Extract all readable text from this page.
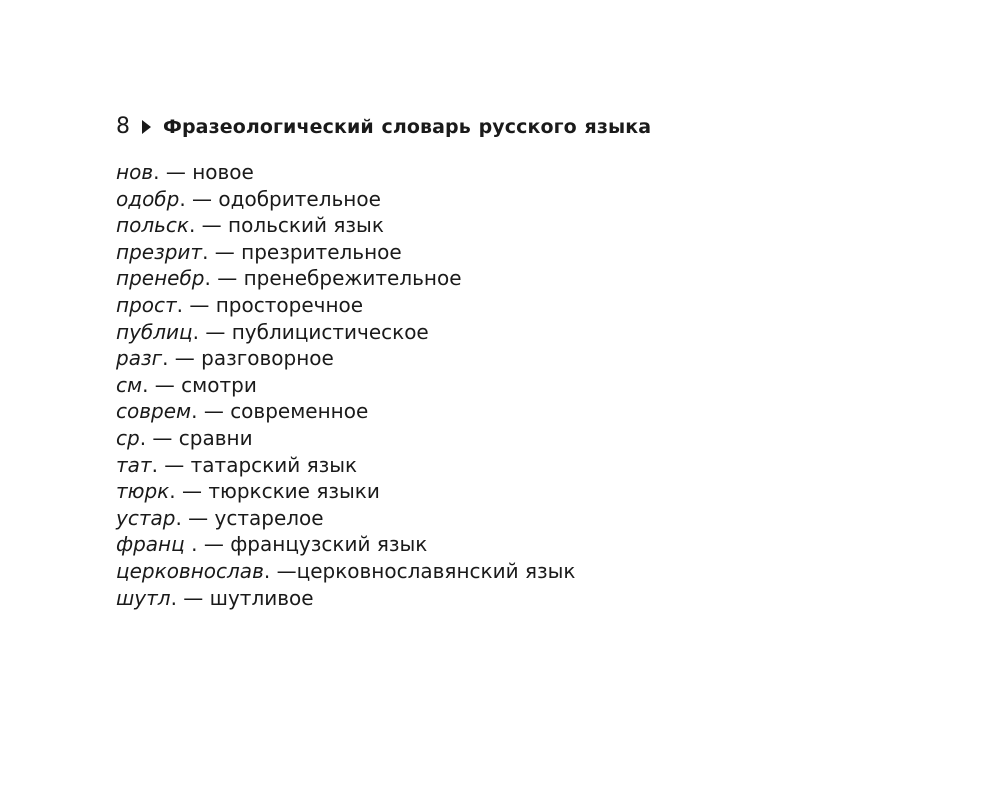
8 Фразеологический словарь русского языка
нов. — новое
одобр. — одобрительное
польск. — польский язык
презрит. — презрительное
пренебр. — пренебрежительное
прост. — просторечное
публиц. — публицистическое
разг. — разговорное
см. — смотри
соврем. — современное
ср. — сравни
тат. — татарский язык
тюрк. — тюркские языки
устар. — устарелое
франц . — французский язык
церковнослав. —церковнославянский язык
шутл. — шутливое
